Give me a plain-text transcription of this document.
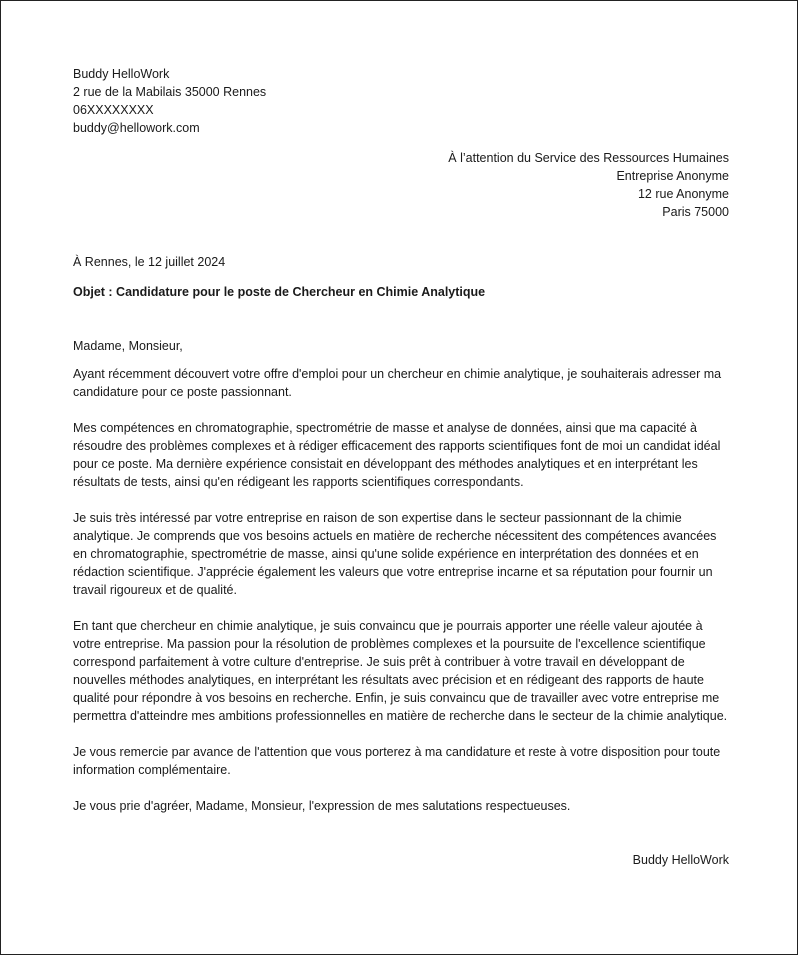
Buddy HelloWork
2 rue de la Mabilais 35000 Rennes
06XXXXXXXX
buddy@hellowork.com
À l’attention du Service des Ressources Humaines
Entreprise Anonyme
12 rue Anonyme
Paris 75000
À Rennes, le 12 juillet 2024
Objet : Candidature pour le poste de Chercheur en Chimie Analytique
Madame, Monsieur,
Ayant récemment découvert votre offre d'emploi pour un chercheur en chimie analytique, je souhaiterais adresser ma candidature pour ce poste passionnant.
Mes compétences en chromatographie, spectrométrie de masse et analyse de données, ainsi que ma capacité à résoudre des problèmes complexes et à rédiger efficacement des rapports scientifiques font de moi un candidat idéal pour ce poste. Ma dernière expérience consistait en développant des méthodes analytiques et en interprétant les résultats de tests, ainsi qu'en rédigeant les rapports scientifiques correspondants.
Je suis très intéressé par votre entreprise en raison de son expertise dans le secteur passionnant de la chimie analytique. Je comprends que vos besoins actuels en matière de recherche nécessitent des compétences avancées en chromatographie, spectrométrie de masse, ainsi qu'une solide expérience en interprétation des données et en rédaction scientifique. J'apprécie également les valeurs que votre entreprise incarne et sa réputation pour fournir un travail rigoureux et de qualité.
En tant que chercheur en chimie analytique, je suis convaincu que je pourrais apporter une réelle valeur ajoutée à votre entreprise. Ma passion pour la résolution de problèmes complexes et la poursuite de l'excellence scientifique correspond parfaitement à votre culture d'entreprise. Je suis prêt à contribuer à votre travail en développant de nouvelles méthodes analytiques, en interprétant les résultats avec précision et en rédigeant des rapports de haute qualité pour répondre à vos besoins en recherche. Enfin, je suis convaincu que de travailler avec votre entreprise me permettra d'atteindre mes ambitions professionnelles en matière de recherche dans le secteur de la chimie analytique.
Je vous remercie par avance de l'attention que vous porterez à ma candidature et reste à votre disposition pour toute information complémentaire.
Je vous prie d'agréer, Madame, Monsieur, l'expression de mes salutations respectueuses.
Buddy HelloWork
